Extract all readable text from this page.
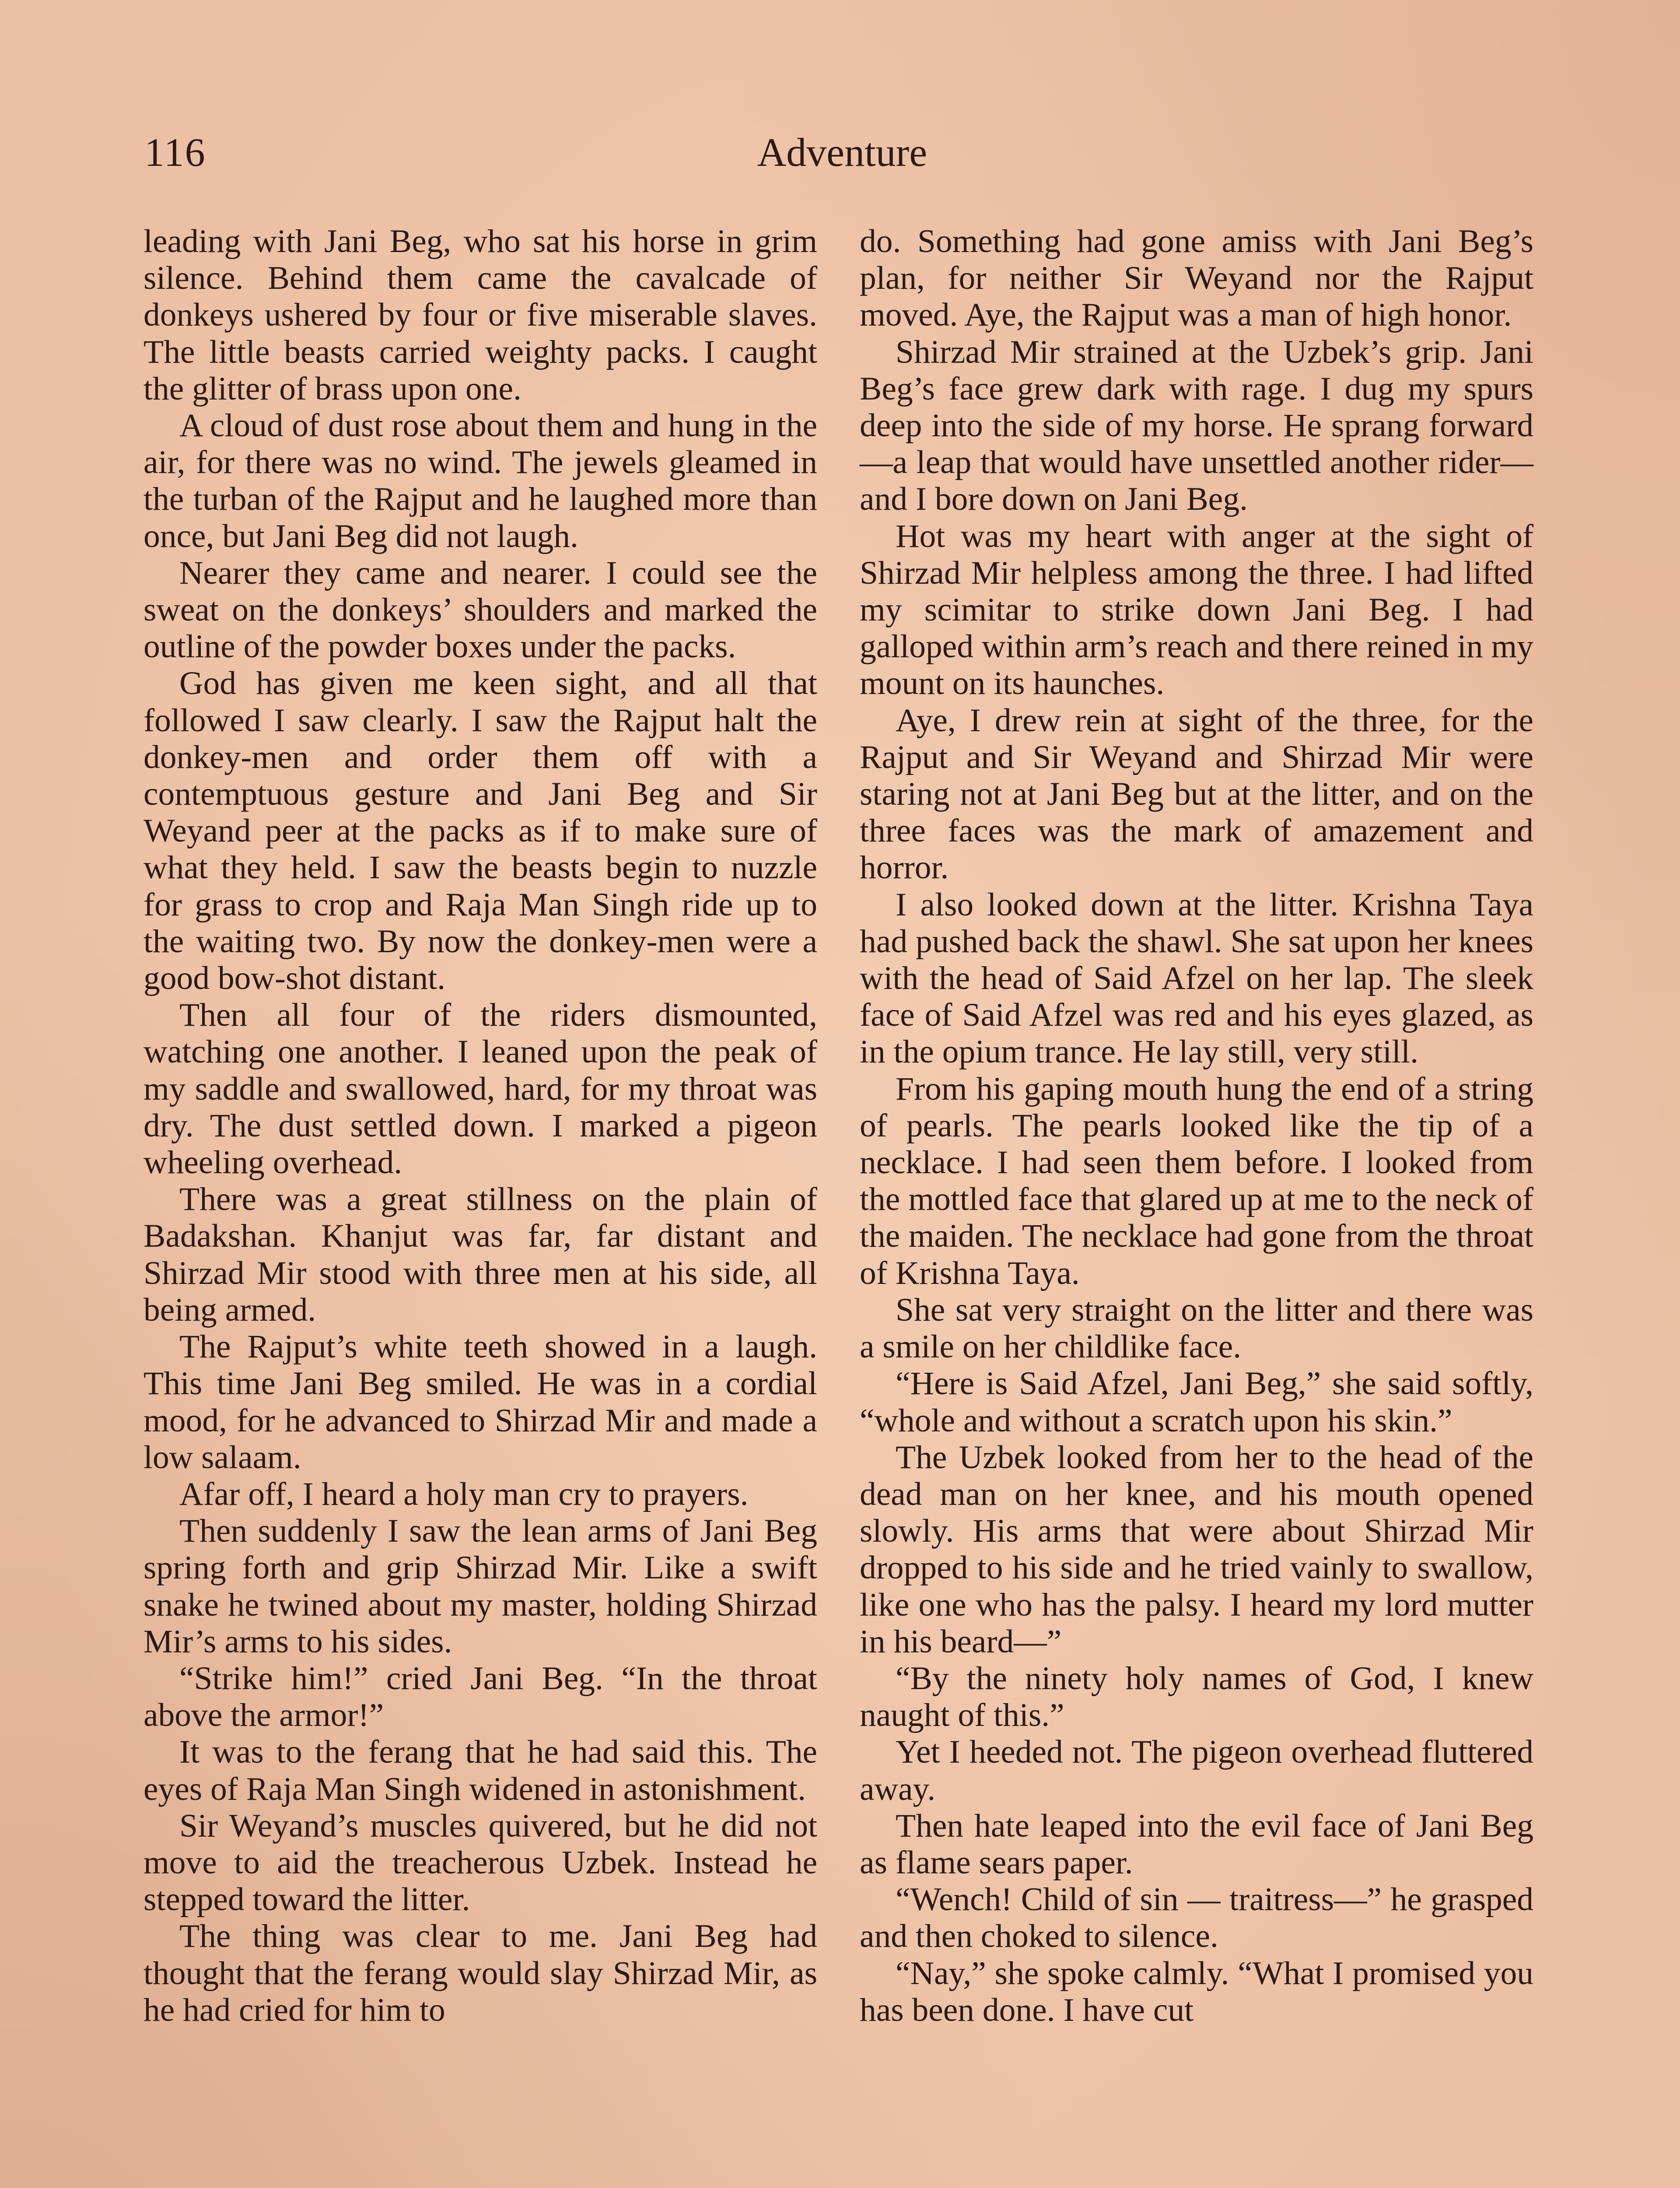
116	Adventure

leading with Jani Beg, who sat his horse in grim silence. Behind them came the cavalcade of donkeys ushered by four or five miserable slaves. The little beasts carried weighty packs. I caught the glitter of brass upon one.

A cloud of dust rose about them and hung in the air, for there was no wind. The jewels gleamed in the turban of the Rajput and he laughed more than once, but Jani Beg did not laugh.

Nearer they came and nearer. I could see the sweat on the donkeys’ shoulders and marked the outline of the powder boxes under the packs.

God has given me keen sight, and all that followed I saw clearly. I saw the Rajput halt the donkey-men and order them off with a contemptuous gesture and Jani Beg and Sir Weyand peer at the packs as if to make sure of what they held. I saw the beasts begin to nuzzle for grass to crop and Raja Man Singh ride up to the waiting two. By now the donkey-men were a good bow-shot distant.

Then all four of the riders dismounted, watching one another. I leaned upon the peak of my saddle and swallowed, hard, for my throat was dry. The dust settled down. I marked a pigeon wheeling overhead.

There was a great stillness on the plain of Badakshan. Khanjut was far, far distant and Shirzad Mir stood with three men at his side, all being armed.

The Rajput’s white teeth showed in a laugh. This time Jani Beg smiled. He was in a cordial mood, for he advanced to Shirzad Mir and made a low salaam.

Afar off, I heard a holy man cry to prayers.

Then suddenly I saw the lean arms of Jani Beg spring forth and grip Shirzad Mir. Like a swift snake he twined about my master, holding Shirzad Mir’s arms to his sides.

“Strike him!” cried Jani Beg. “In the throat above the armor!”

It was to the ferang that he had said this. The eyes of Raja Man Singh widened in astonishment.

Sir Weyand’s muscles quivered, but he did not move to aid the treacherous Uzbek. Instead he stepped toward the litter.

The thing was clear to me. Jani Beg had thought that the ferang would slay Shirzad Mir, as he had cried for him to

do. Something had gone amiss with Jani Beg’s plan, for neither Sir Weyand nor the Rajput moved. Aye, the Rajput was a man of high honor.

Shirzad Mir strained at the Uzbek’s grip. Jani Beg’s face grew dark with rage. I dug my spurs deep into the side of my horse. He sprang forward—a leap that would have unsettled another rider—and I bore down on Jani Beg.

Hot was my heart with anger at the sight of Shirzad Mir helpless among the three. I had lifted my scimitar to strike down Jani Beg. I had galloped within arm’s reach and there reined in my mount on its haunches.

Aye, I drew rein at sight of the three, for the Rajput and Sir Weyand and Shirzad Mir were staring not at Jani Beg but at the litter, and on the three faces was the mark of amazement and horror.

I also looked down at the litter. Krishna Taya had pushed back the shawl. She sat upon her knees with the head of Said Afzel on her lap. The sleek face of Said Afzel was red and his eyes glazed, as in the opium trance. He lay still, very still.

From his gaping mouth hung the end of a string of pearls. The pearls looked like the tip of a necklace. I had seen them before. I looked from the mottled face that glared up at me to the neck of the maiden. The necklace had gone from the throat of Krishna Taya.

She sat very straight on the litter and there was a smile on her childlike face.

“Here is Said Afzel, Jani Beg,” she said softly, “whole and without a scratch upon his skin.”

The Uzbek looked from her to the head of the dead man on her knee, and his mouth opened slowly. His arms that were about Shirzad Mir dropped to his side and he tried vainly to swallow, like one who has the palsy. I heard my lord mutter in his beard—”

“By the ninety holy names of God, I knew naught of this.”

Yet I heeded not. The pigeon overhead fluttered away.

Then hate leaped into the evil face of Jani Beg as flame sears paper.

“Wench! Child of sin — traitress—” he grasped and then choked to silence.

“Nay,” she spoke calmly. “What I promised you has been done. I have cut
